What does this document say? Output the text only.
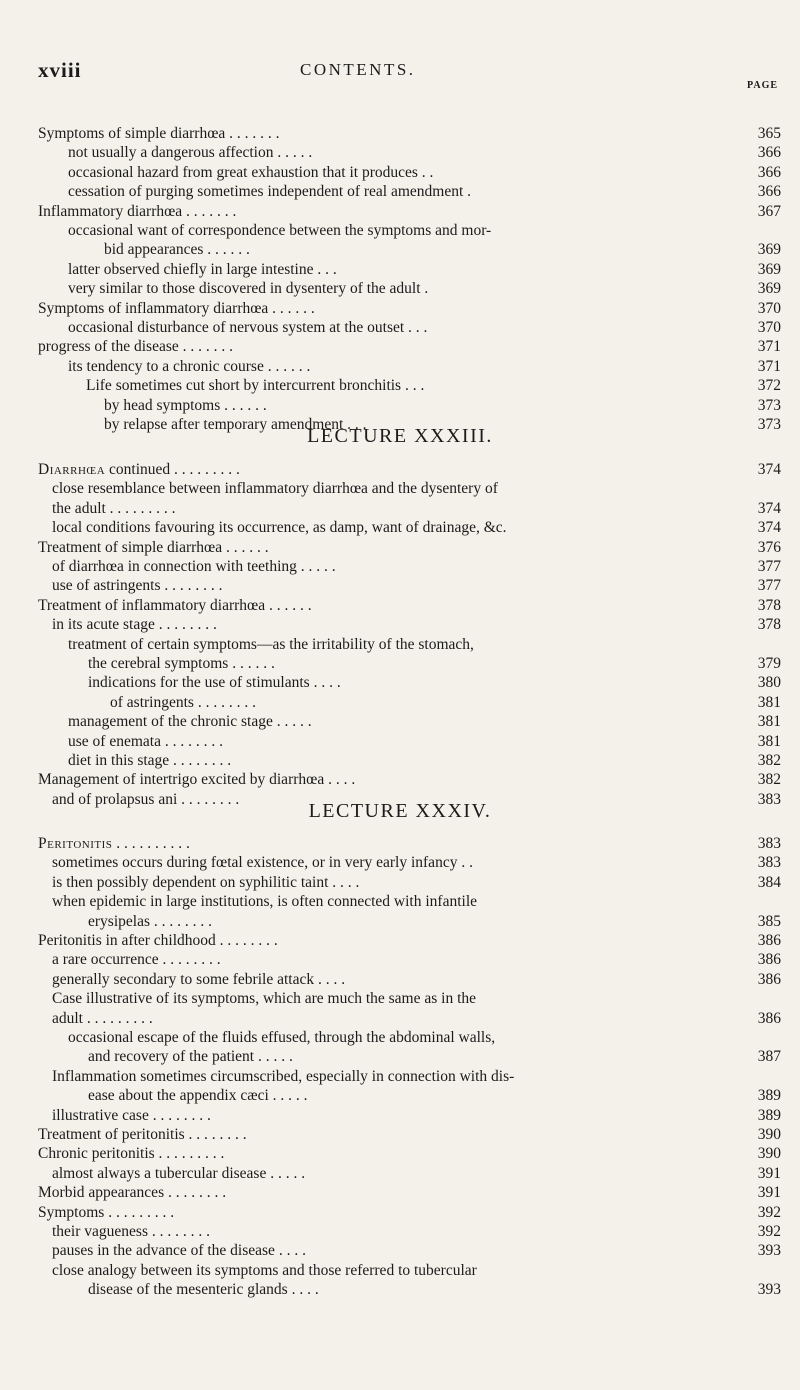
xviii	CONTENTS.
PAGE
Symptoms of simple diarrhœa . . . . . . .	365
not usually a dangerous affection . . . . .	366
occasional hazard from great exhaustion that it produces . .	366
cessation of purging sometimes independent of real amendment .	366
Inflammatory diarrhœa . . . . . . .	367
occasional want of correspondence between the symptoms and mor-
bid appearances . . . . . .	369
latter observed chiefly in large intestine . . .	369
very similar to those discovered in dysentery of the adult .	369
Symptoms of inflammatory diarrhœa . . . . . .	370
occasional disturbance of nervous system at the outset . . .	370
progress of the disease . . . . . . .	371
its tendency to a chronic course . . . . . .	371
Life sometimes cut short by intercurrent bronchitis . . .	372
by head symptoms . . . . . .	373
by relapse after temporary amendment . . .	373
Diarrhœa continued . . . . . . . . .	374
close resemblance between inflammatory diarrhœa and the dysentery of
the adult . . . . . . . . .	374
local conditions favouring its occurrence, as damp, want of drainage, &c.	374
Treatment of simple diarrhœa . . . . . .	376
of diarrhœa in connection with teething . . . . .	377
use of astringents . . . . . . . .	377
Treatment of inflammatory diarrhœa . . . . . .	378
in its acute stage . . . . . . . .	378
treatment of certain symptoms—as the irritability of the stomach,
the cerebral symptoms . . . . . .	379
indications for the use of stimulants . . . .	380
of astringents . . . . . . . .	381
management of the chronic stage . . . . .	381
use of enemata . . . . . . . .	381
diet in this stage . . . . . . . .	382
Management of intertrigo excited by diarrhœa . . . .	382
and of prolapsus ani . . . . . . . .	383
Peritonitis . . . . . . . . . .	383
sometimes occurs during fœtal existence, or in very early infancy . .	383
is then possibly dependent on syphilitic taint . . . .	384
when epidemic in large institutions, is often connected with infantile
erysipelas . . . . . . . .	385
Peritonitis in after childhood . . . . . . . .	386
a rare occurrence . . . . . . . .	386
generally secondary to some febrile attack . . . .	386
Case illustrative of its symptoms, which are much the same as in the
adult . . . . . . . . .	386
occasional escape of the fluids effused, through the abdominal walls,
and recovery of the patient . . . . .	387
Inflammation sometimes circumscribed, especially in connection with dis-
ease about the appendix cæci . . . . .	389
illustrative case . . . . . . . .	389
Treatment of peritonitis . . . . . . . .	390
Chronic peritonitis . . . . . . . . .	390
almost always a tubercular disease . . . . .	391
Morbid appearances . . . . . . . .	391
Symptoms . . . . . . . . .	392
their vagueness . . . . . . . .	392
pauses in the advance of the disease . . . .	393
close analogy between its symptoms and those referred to tubercular
disease of the mesenteric glands . . . .	393
LECTURE XXXIII.
LECTURE XXXIV.
